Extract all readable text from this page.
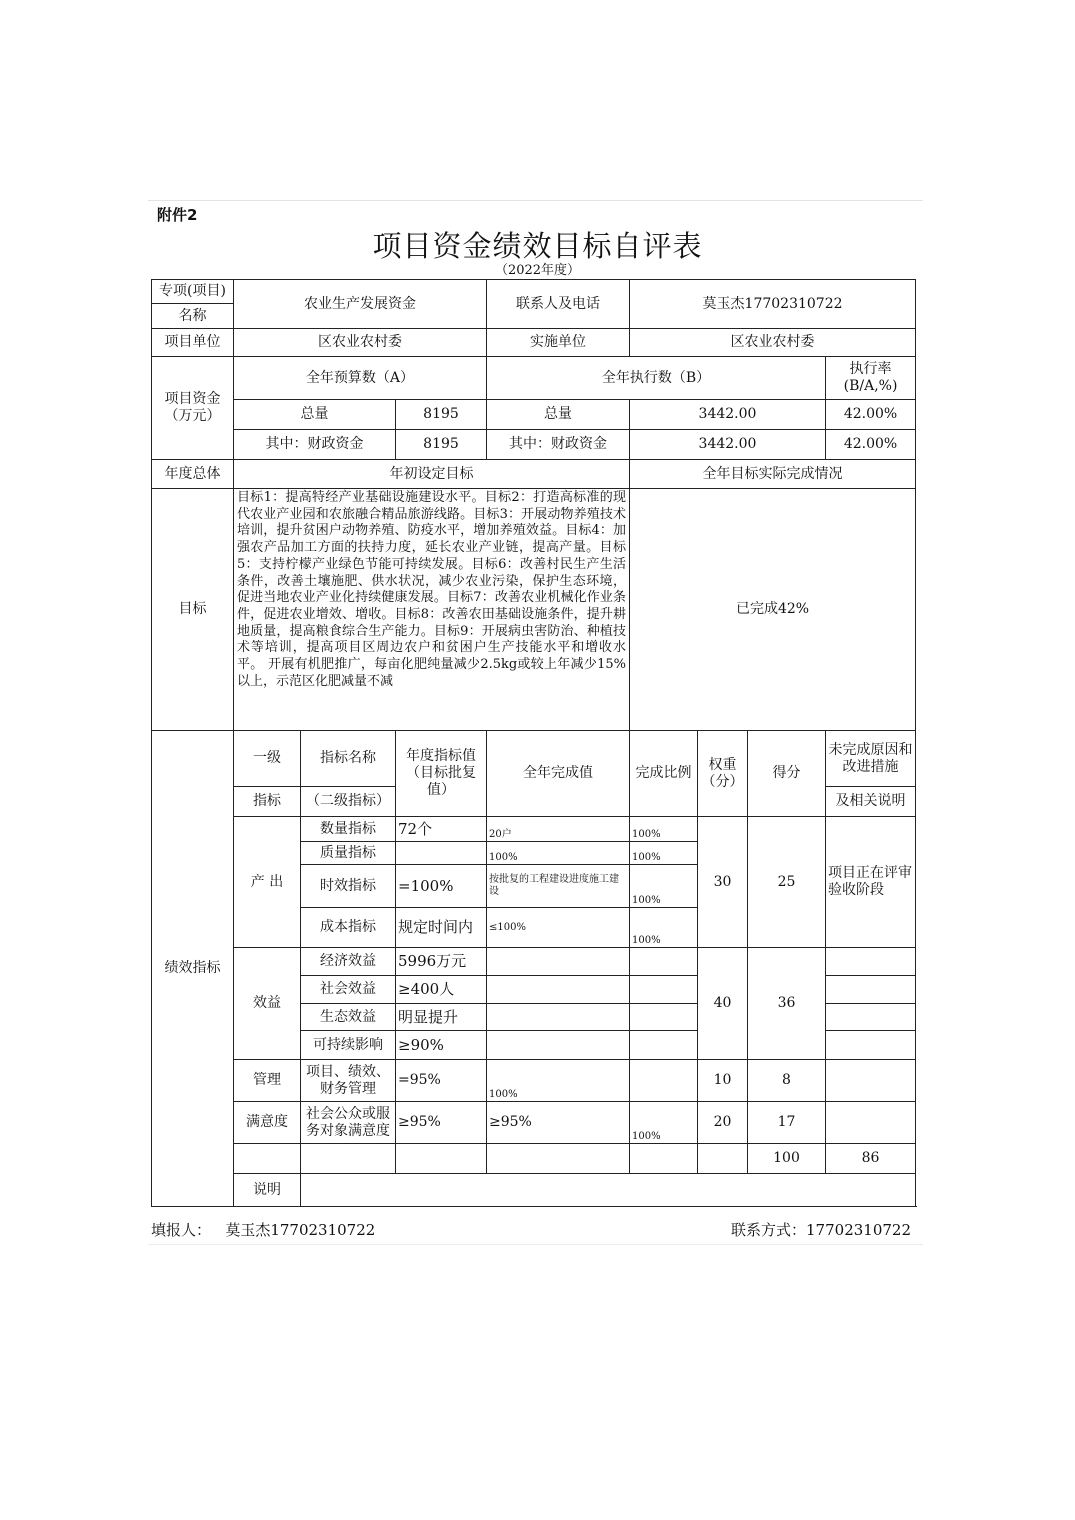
附件2
项目资金绩效目标自评表
（2022年度）
专项(项目)	农业生产发展资金			联系人及电话	莫玉杰17702310722				
名称									
项目单位	区农业农村委			实施单位	区农业农村委				
项目资金
（万元）	全年预算数（A）			全年执行数（B）				执行率
(B/A,%)	
	总量		8195	总量	3442.00			42.00%	
	其中：财政资金		8195	其中：财政资金	3442.00			42.00%	
年度总体	年初设定目标				全年目标实际完成情况				
目标	目标1：提高特经产业基础设施建设水平。目标2：打造高标准的现代农业产业园和农旅融合精品旅游线路。目标3：开展动物养殖技术培训，提升贫困户动物养殖、防疫水平，增加养殖效益。目标4：加强农产品加工方面的扶持力度，延长农业产业链，提高产量。目标5：支持柠檬产业绿色节能可持续发展。目标6：改善村民生产生活条件，改善土壤施肥、供水状况，减少农业污染，保护生态环境，促进当地农业产业化持续健康发展。目标7：改善农业机械化作业条件，促进农业增效、增收。目标8：改善农田基础设施条件，提升耕地质量，提高粮食综合生产能力。目标9：开展病虫害防治、种植技术等培训，提高项目区周边农户和贫困户生产技能水平和增收水平。 开展有机肥推广，每亩化肥纯量减少2.5kg或较上年减少15%以上，示范区化肥减量不减				已完成42%				
绩效指标	一级	指标名称	年度指标值（目标批复值）	全年完成值	完成比例	权重（分）	得分	未完成原因和改进措施	
	指标	（二级指标）						及相关说明	
	产 出	数量指标	72个	20户	100%	30	25	项目正在评审验收阶段	
		质量指标		100%	100%				
		时效指标	=100%	按批复的工程建设进度施工建设	100%				
		成本指标	规定时间内	≤100%	100%				
	效益	经济效益	5996万元			40	36		
		社会效益	≥400人						
		生态效益	明显提升						
		可持续影响	≥90%						
	管理	项目、绩效、财务管理	=95%	100%		10	8		
	满意度	社会公众或服务对象满意度	≥95%	≥95%	100%	20	17		
							100	86	
	说明								
填报人： 莫玉杰17702310722	联系方式：17702310722
